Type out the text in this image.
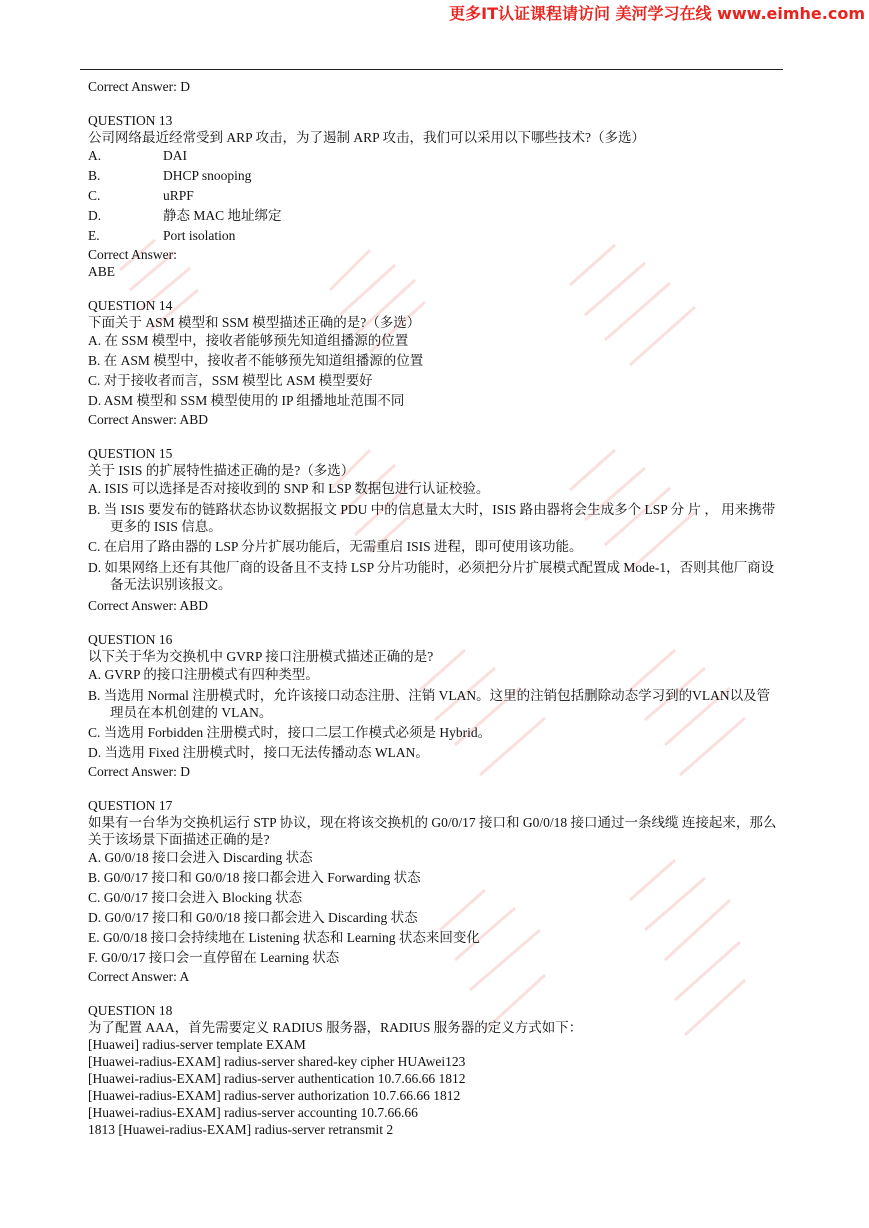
更多IT认证课程请访问 美河学习在线 www.eimhe.com
Correct Answer: D
QUESTION 13
公司网络最近经常受到 ARP 攻击，为了遏制 ARP 攻击，我们可以采用以下哪些技术?（多选）
A.	DAI
B.	DHCP snooping
C.	uRPF
D.	静态 MAC 地址绑定
E.	Port isolation
Correct Answer:
ABE
QUESTION 14
下面关于 ASM 模型和 SSM 模型描述正确的是?（多选）
A. 在 SSM 模型中，接收者能够预先知道组播源的位置
B. 在 ASM 模型中，接收者不能够预先知道组播源的位置
C. 对于接收者而言，SSM 模型比 ASM 模型要好
D. ASM 模型和 SSM 模型使用的 IP 组播地址范围不同
Correct Answer: ABD
QUESTION 15
关于 ISIS 的扩展特性描述正确的是?（多选）
A. ISIS 可以选择是否对接收到的 SNP 和 LSP 数据包进行认证校验。
B. 当 ISIS 要发布的链路状态协议数据报文 PDU 中的信息量太大时，ISIS 路由器将会生成多个 LSP 分 片 ， 用来携带更多的 ISIS 信息。
C. 在启用了路由器的 LSP 分片扩展功能后，无需重启 ISIS 进程，即可使用该功能。
D. 如果网络上还有其他厂商的设备且不支持 LSP 分片功能时，必须把分片扩展模式配置成 Mode-1，否则其他厂商设备无法识别该报文。
Correct Answer: ABD
QUESTION 16
以下关于华为交换机中 GVRP 接口注册模式描述正确的是?
A. GVRP 的接口注册模式有四种类型。
B. 当选用 Normal 注册模式时，允许该接口动态注册、注销 VLAN。这里的注销包括删除动态学习到的VLAN以及管理员在本机创建的 VLAN。
C. 当选用 Forbidden 注册模式时，接口二层工作模式必须是 Hybrid。
D. 当选用 Fixed 注册模式时，接口无法传播动态 WLAN。
Correct Answer: D
QUESTION 17
如果有一台华为交换机运行 STP 协议，现在将该交换机的 G0/0/17 接口和 G0/0/18 接口通过一条线缆 连接起来，那么关于该场景下面描述正确的是?
A. G0/0/18 接口会进入 Discarding 状态
B. G0/0/17 接口和 G0/0/18 接口都会进入 Forwarding 状态
C. G0/0/17 接口会进入 Blocking 状态
D. G0/0/17 接口和 G0/0/18 接口都会进入 Discarding 状态
E. G0/0/18 接口会持续地在 Listening 状态和 Learning 状态来回变化
F. G0/0/17 接口会一直停留在 Learning 状态
Correct Answer: A
QUESTION 18
为了配置 AAA，首先需要定义 RADIUS 服务器，RADIUS 服务器的定义方式如下：
[Huawei] radius-server template EXAM
[Huawei-radius-EXAM] radius-server shared-key cipher HUAwei123
[Huawei-radius-EXAM] radius-server authentication 10.7.66.66 1812
[Huawei-radius-EXAM] radius-server authorization 10.7.66.66 1812
[Huawei-radius-EXAM] radius-server accounting 10.7.66.66
1813 [Huawei-radius-EXAM] radius-server retransmit 2
